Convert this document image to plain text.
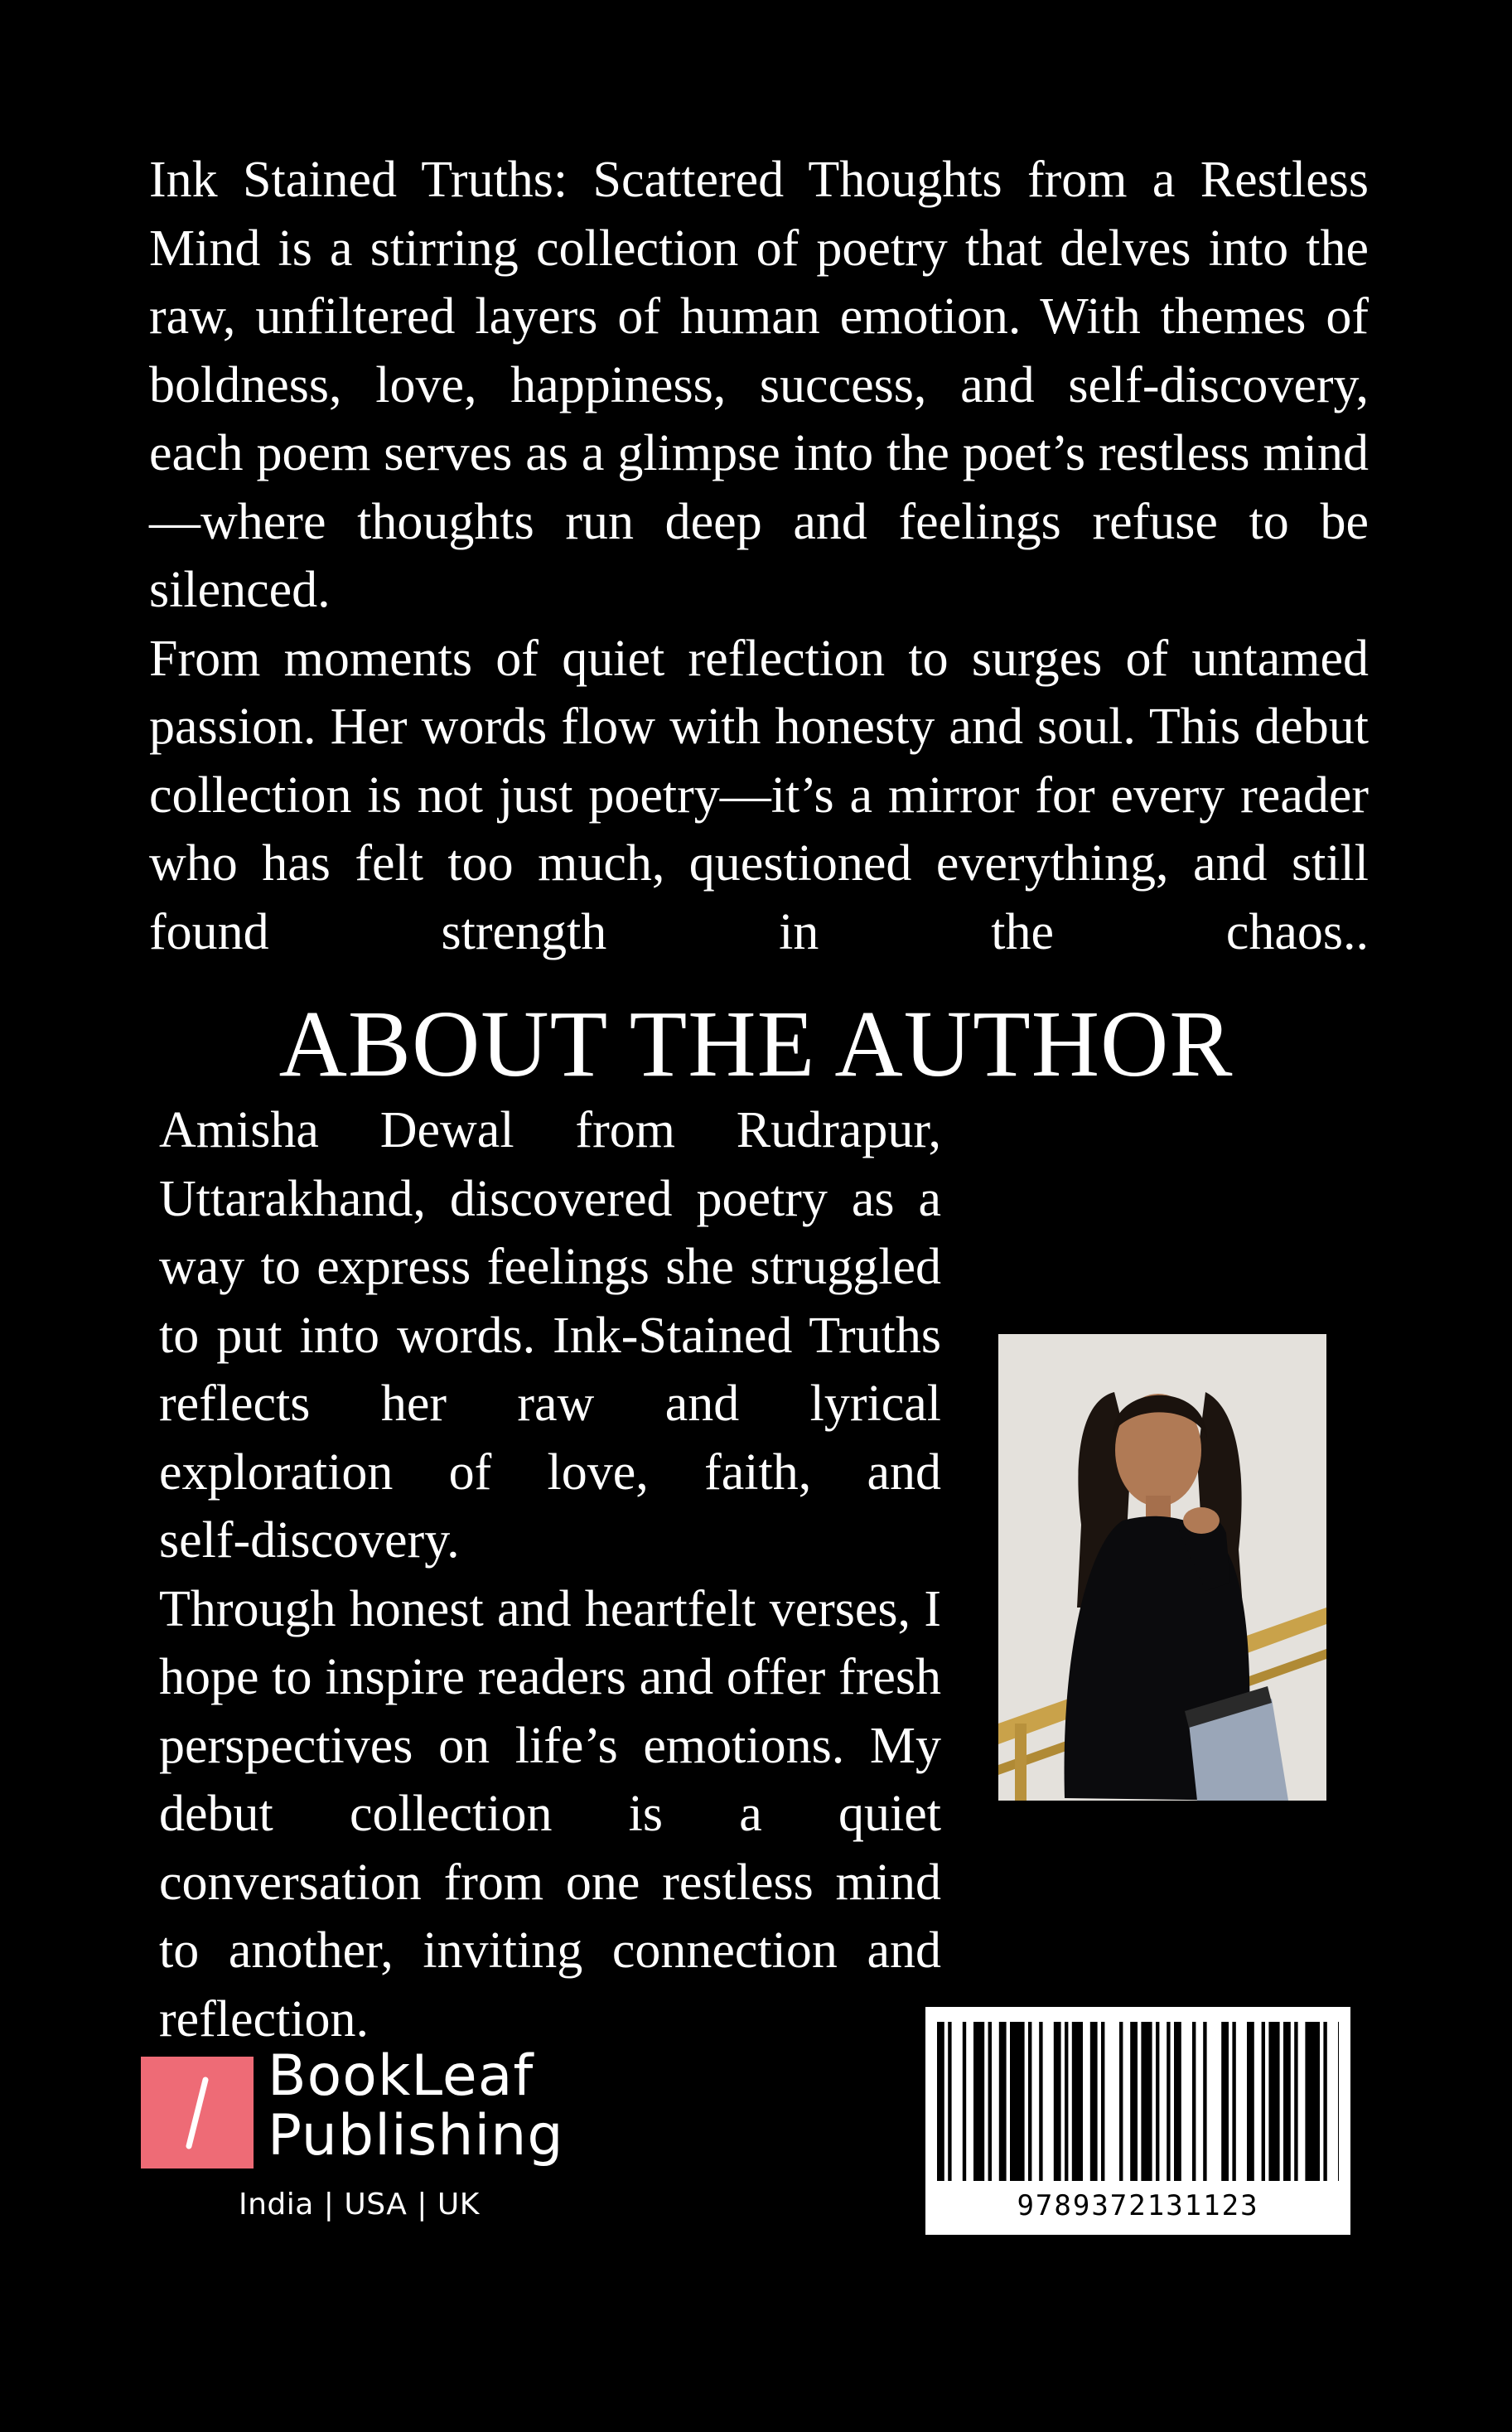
Ink Stained Truths: Scattered Thoughts from a Restless Mind is a stirring collection of poetry that delves into the raw, unfiltered layers of human emotion. With themes of boldness, love, happiness, success, and self-discovery, each poem serves as a glimpse into the poet’s restless mind—where thoughts run deep and feelings refuse to be
silenced.

From moments of quiet reflection to surges of untamed passion. Her words flow with honesty and soul. This debut collection is not just poetry—it’s a mirror for every reader who has felt too much, questioned everything, and still found strength in the chaos..

ABOUT THE AUTHOR

Amisha Dewal from Rudrapur, Uttarakhand, discovered poetry as a way to express feelings she struggled to put into words. Ink-Stained Truths reflects her raw and lyrical exploration of love, faith, and
self-discovery.

Through honest and heartfelt verses, I hope to inspire readers and offer fresh perspectives on life’s emotions. My debut collection is a quiet conversation from one restless mind to another, inviting connection and
reflection.

9789372131123

BookLeaf
Publishing

India | USA | UK
